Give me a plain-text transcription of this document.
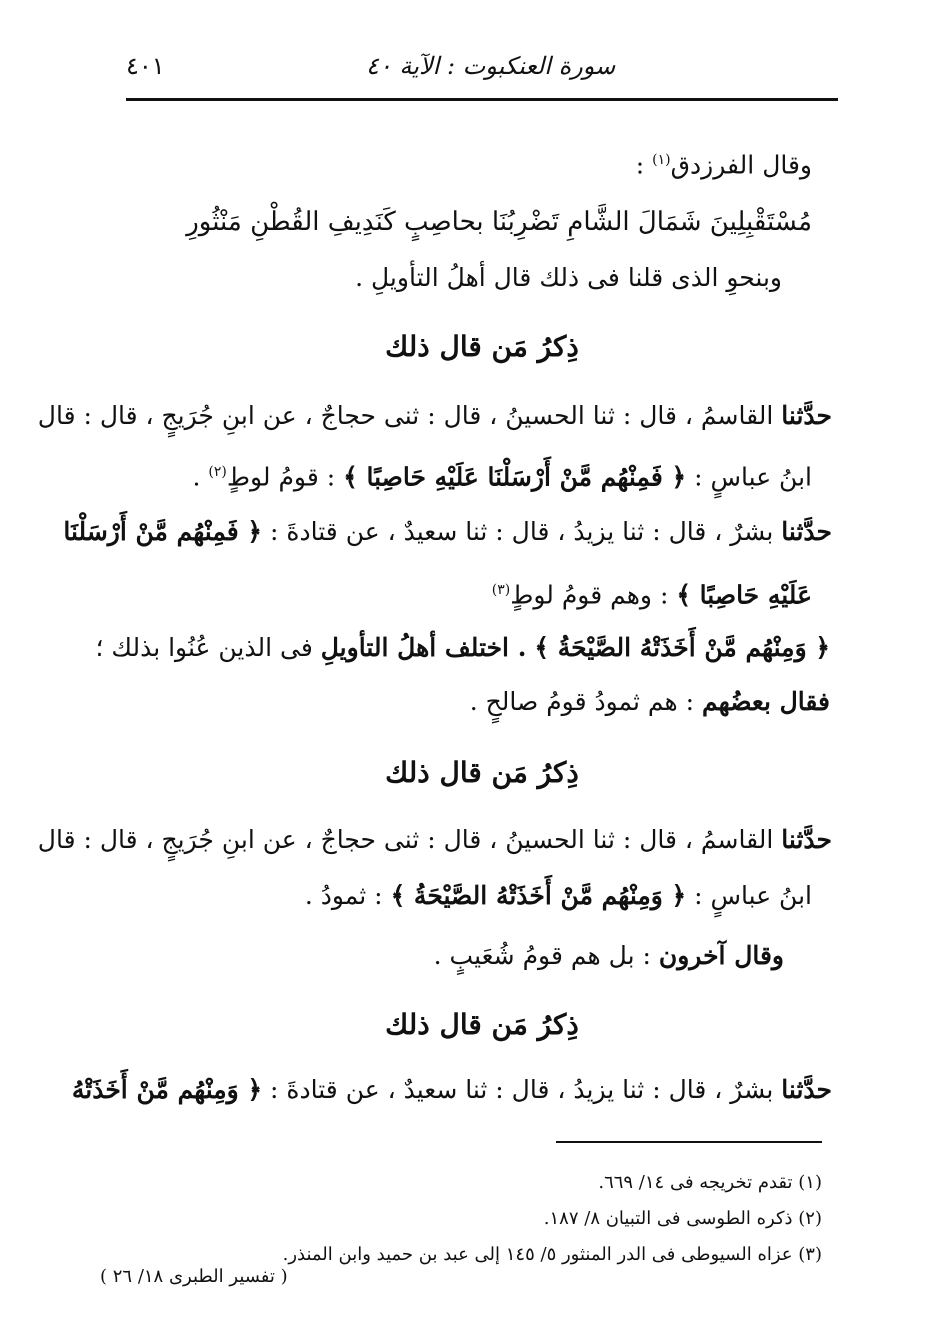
٤٠١	سورة العنكبوت : الآية ٤٠
وقال الفرزدق$^{(١)}$ :
مُسْتَقْبِلِينَ شَمَالَ الشَّامِ تَضْرِبُنَا بحاصِبٍ كَنَدِيفِ القُطْنِ مَنْثُورِ
وبنحوِ الذى قلنا فى ذلك قال أهلُ التأويلِ .
ذِكرُ مَن قال ذلك
حدَّثنا القاسمُ ، قال : ثنا الحسينُ ، قال : ثنى حجاجٌ ، عن ابنِ جُرَيجٍ ، قال : قال
ابنُ عباسٍ : ﴿ فَمِنْهُم مَّنْ أَرْسَلْنَا عَلَيْهِ حَاصِبًا ﴾ : قومُ لوطٍ$^{(٢)}$ .
حدَّثنا بشرٌ ، قال : ثنا يزيدُ ، قال : ثنا سعيدٌ ، عن قتادةَ : ﴿ فَمِنْهُم مَّنْ أَرْسَلْنَا
عَلَيْهِ حَاصِبًا ﴾ : وهم قومُ لوطٍ$^{(٣)}$
﴿ وَمِنْهُم مَّنْ أَخَذَتْهُ الصَّيْحَةُ ﴾ . اختلف أهلُ التأويلِ فى الذين عُنُوا بذلك ؛
فقال بعضُهم : هم ثمودُ قومُ صالحٍ .
ذِكرُ مَن قال ذلك
حدَّثنا القاسمُ ، قال : ثنا الحسينُ ، قال : ثنى حجاجٌ ، عن ابنِ جُرَيجٍ ، قال : قال
ابنُ عباسٍ : ﴿ وَمِنْهُم مَّنْ أَخَذَتْهُ الصَّيْحَةُ ﴾ : ثمودُ .
وقال آخرون : بل هم قومُ شُعَيبٍ .
ذِكرُ مَن قال ذلك
حدَّثنا بشرٌ ، قال : ثنا يزيدُ ، قال : ثنا سعيدٌ ، عن قتادةَ : ﴿ وَمِنْهُم مَّنْ أَخَذَتْهُ
(١) تقدم تخريجه فى ١٤/ ٦٦٩.
(٢) ذكره الطوسى فى التبيان ٨/ ١٨٧.
(٣) عزاه السيوطى فى الدر المنثور ٥/ ١٤٥ إلى عبد بن حميد وابن المنذر.
( تفسير الطبرى ١٨/ ٢٦ )
